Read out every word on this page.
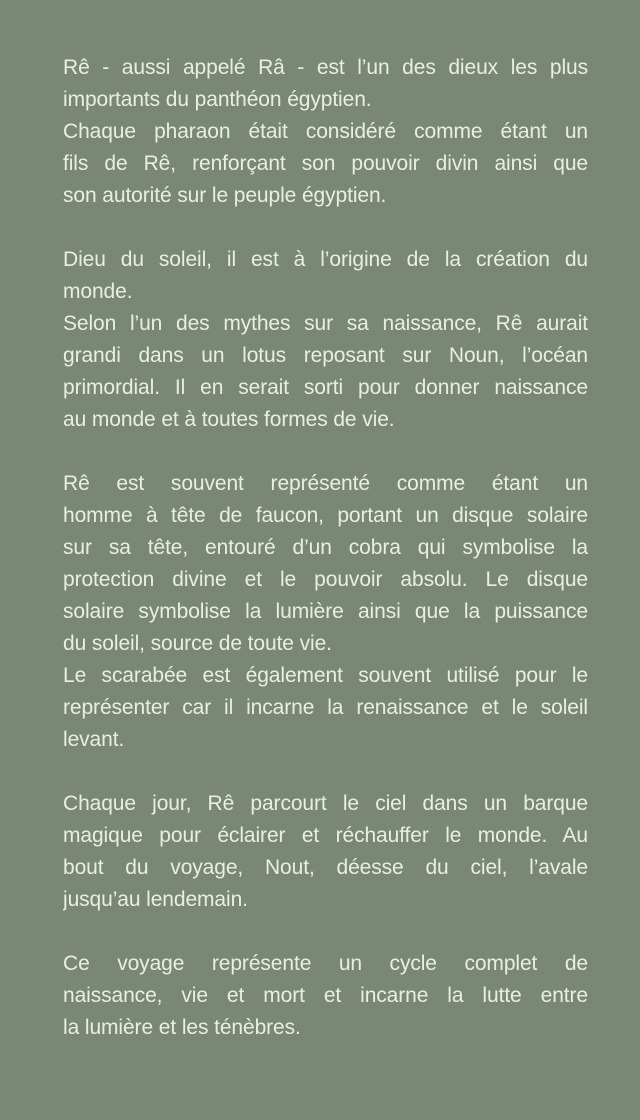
Rê - aussi appelé Râ - est l’un des dieux les plus
importants du panthéon égyptien.
Chaque pharaon était considéré comme étant un
fils de Rê, renforçant son pouvoir divin ainsi que
son autorité sur le peuple égyptien.
Dieu du soleil, il est à l’origine de la création du
monde.
Selon l’un des mythes sur sa naissance, Rê aurait
grandi dans un lotus reposant sur Noun, l’océan
primordial. Il en serait sorti pour donner naissance
au monde et à toutes formes de vie.
Rê est souvent représenté comme étant un
homme à tête de faucon, portant un disque solaire
sur sa tête, entouré d’un cobra qui symbolise la
protection divine et le pouvoir absolu. Le disque
solaire symbolise la lumière ainsi que la puissance
du soleil, source de toute vie.
Le scarabée est également souvent utilisé pour le
représenter car il incarne la renaissance et le soleil
levant.
Chaque jour, Rê parcourt le ciel dans un barque
magique pour éclairer et réchauffer le monde. Au
bout du voyage, Nout, déesse du ciel, l’avale
jusqu’au lendemain.
Ce voyage représente un cycle complet de
naissance, vie et mort et incarne la lutte entre
la lumière et les ténèbres.
